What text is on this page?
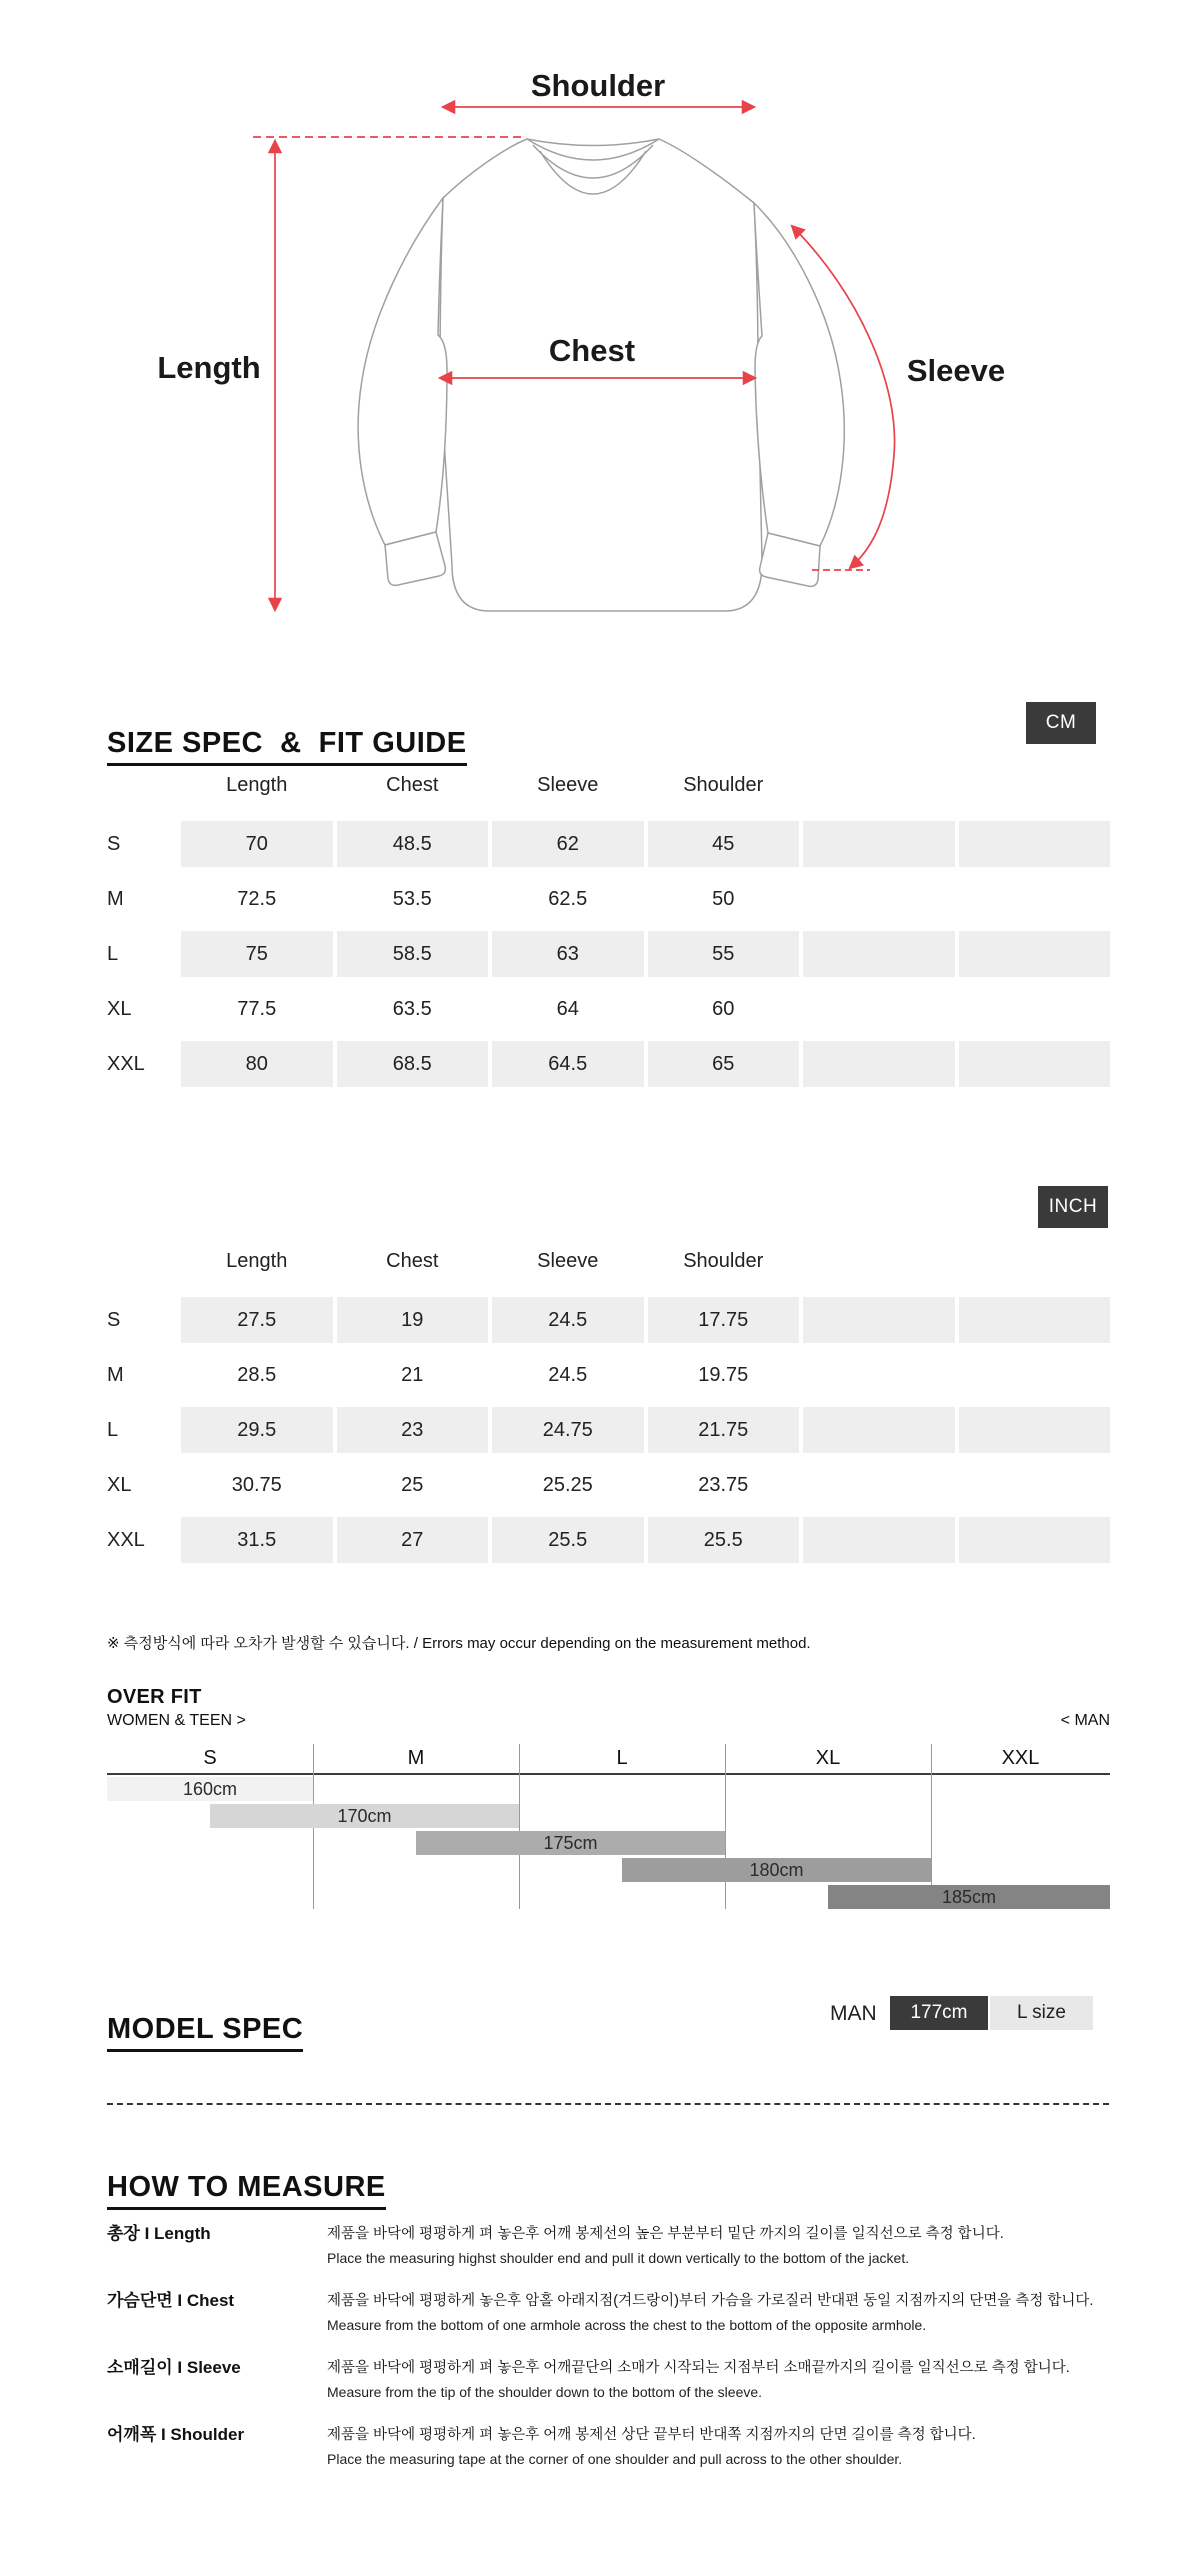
Shoulder
Length	Chest
Sleeve
SIZE SPEC  &  FIT GUIDE
CM
Length	Chest	Sleeve	Shoulder
S	70	48.5	62	45
M	72.5	53.5	62.5	50
L	75	58.5	63	55
XL	77.5	63.5	64	60
XXL	80	68.5	64.5	65
INCH
Length	Chest	Sleeve	Shoulder
S	27.5	19	24.5	17.75
M	28.5	21	24.5	19.75
L	29.5	23	24.75	21.75
XL	30.75	25	25.25	23.75
XXL	31.5	27	25.5	25.5
※ 측정방식에 따라 오차가 발생할 수 있습니다. / Errors may occur depending on the measurement method.
OVER FIT
WOMEN & TEEN >	< MAN
S	M	L	XL	XXL
160cm
170cm
175cm
180cm
185cm
MODEL SPEC	MAN	177cm	L size
HOW TO MEASURE
총장 I Length	제품을 바닥에 평평하게 펴 놓은후 어깨 봉제선의 높은 부분부터 밑단 까지의 길이를 일직선으로 측정 합니다.
Place the measuring highst shoulder end and pull it down vertically to the bottom of the jacket.
가슴단면 I Chest	제품을 바닥에 평평하게 놓은후 암홀 아래지점(겨드랑이)부터 가슴을 가로질러 반대편 동일 지점까지의 단면을 측정 합니다.
Measure from the bottom of one armhole across the chest to the bottom of the opposite armhole.
소매길이 I Sleeve	제품을 바닥에 평평하게 펴 놓은후 어깨끝단의 소매가 시작되는 지점부터 소매끝까지의 길이를 일직선으로 측정 합니다.
Measure from the tip of the shoulder down to the bottom of the sleeve.
어깨폭 I Shoulder	제품을 바닥에 평평하게 펴 놓은후 어깨 봉제선 상단 끝부터 반대쪽 지점까지의 단면 길이를 측정 합니다.
Place the measuring tape at the corner of one shoulder and pull across to the other shoulder.
